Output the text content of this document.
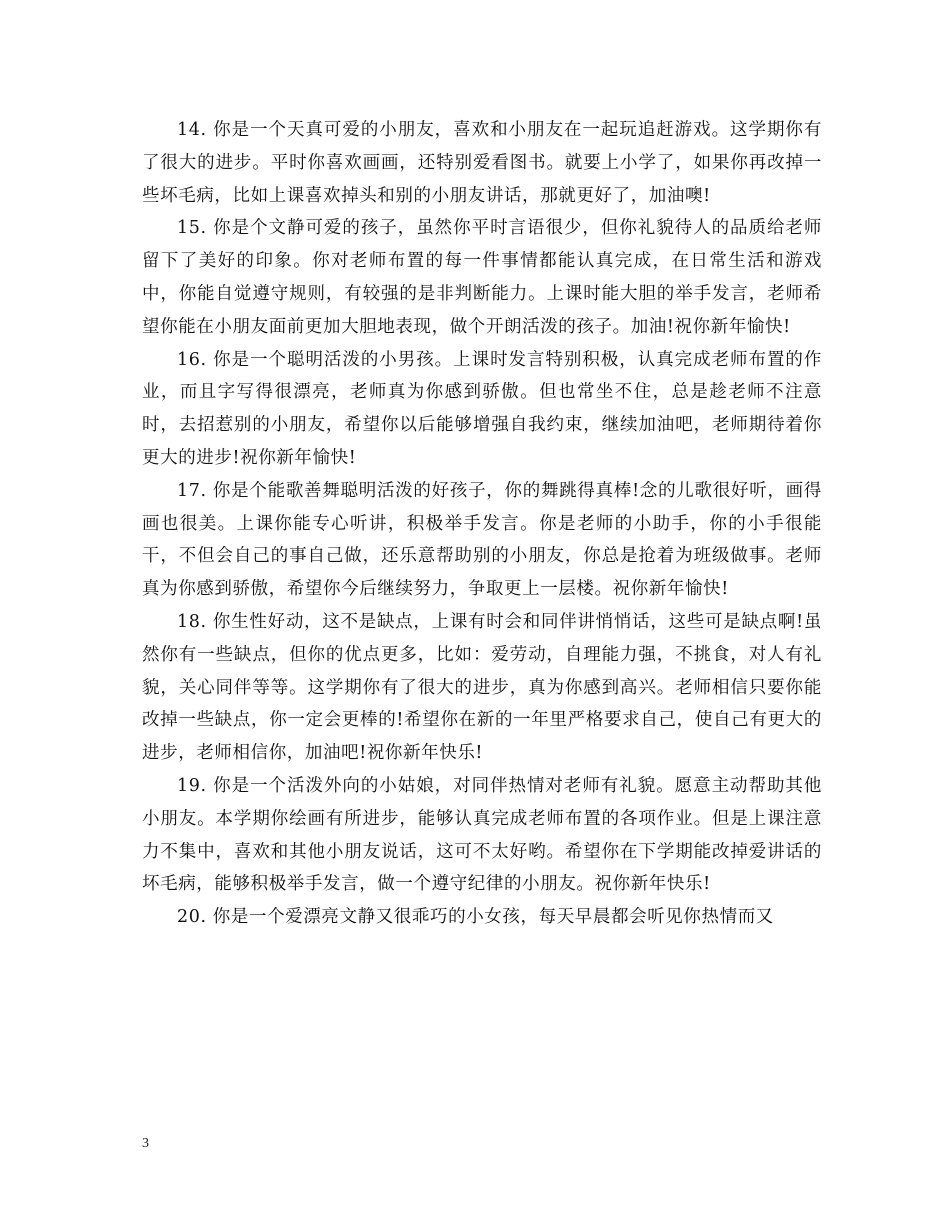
14. 你是一个天真可爱的小朋友，喜欢和小朋友在一起玩追赶游戏。这学期你有了很大的进步。平时你喜欢画画，还特别爱看图书。就要上小学了，如果你再改掉一些坏毛病，比如上课喜欢掉头和别的小朋友讲话，那就更好了，加油噢!

15. 你是个文静可爱的孩子，虽然你平时言语很少，但你礼貌待人的品质给老师留下了美好的印象。你对老师布置的每一件事情都能认真完成，在日常生活和游戏中，你能自觉遵守规则，有较强的是非判断能力。上课时能大胆的举手发言，老师希望你能在小朋友面前更加大胆地表现，做个开朗活泼的孩子。加油!祝你新年愉快!

16. 你是一个聪明活泼的小男孩。上课时发言特别积极，认真完成老师布置的作业，而且字写得很漂亮，老师真为你感到骄傲。但也常坐不住，总是趁老师不注意时，去招惹别的小朋友，希望你以后能够增强自我约束，继续加油吧，老师期待着你更大的进步!祝你新年愉快!

17. 你是个能歌善舞聪明活泼的好孩子，你的舞跳得真棒!念的儿歌很好听，画得画也很美。上课你能专心听讲，积极举手发言。你是老师的小助手，你的小手很能干，不但会自己的事自己做，还乐意帮助别的小朋友，你总是抢着为班级做事。老师真为你感到骄傲，希望你今后继续努力，争取更上一层楼。祝你新年愉快!

18. 你生性好动，这不是缺点，上课有时会和同伴讲悄悄话，这些可是缺点啊!虽然你有一些缺点，但你的优点更多，比如：爱劳动，自理能力强，不挑食，对人有礼貌，关心同伴等等。这学期你有了很大的进步，真为你感到高兴。老师相信只要你能改掉一些缺点，你一定会更棒的!希望你在新的一年里严格要求自己，使自己有更大的进步，老师相信你，加油吧!祝你新年快乐!

19. 你是一个活泼外向的小姑娘，对同伴热情对老师有礼貌。愿意主动帮助其他小朋友。本学期你绘画有所进步，能够认真完成老师布置的各项作业。但是上课注意力不集中，喜欢和其他小朋友说话，这可不太好哟。希望你在下学期能改掉爱讲话的坏毛病，能够积极举手发言，做一个遵守纪律的小朋友。祝你新年快乐!

20. 你是一个爱漂亮文静又很乖巧的小女孩，每天早晨都会听见你热情而又

3
